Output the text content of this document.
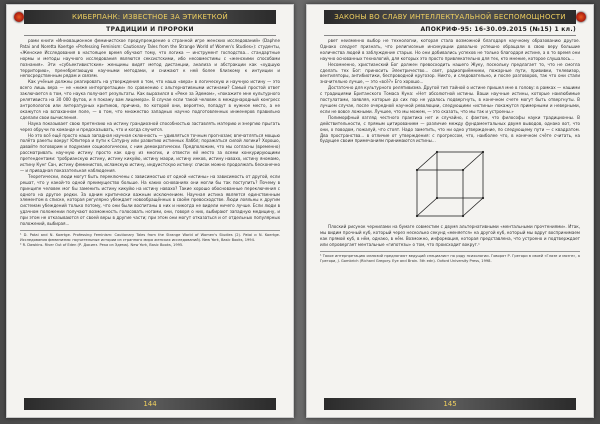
КИБЕРПАНК: ИЗВЕСТНОЕ ЗА ЭТИКЕТКОЙ
ТРАДИЦИИ И ПРОРОКИ

рами книги «Инновационное феминистское предупреждение о странной игре женских исследований» (Daphne Patai and Noretta Koertge «Professing Feminism: Cautionary Tales from the Strange World of Women's Studies»): студенты, «Женские Исследования в настоящее время обучают тому, что логика — инструмент господства... стандартные нормы и методы научного исследования являются сексистскими, ибо несовместимы с «женскими способами познания». Эти «субъективистские» женщины видят метод дистанции, анализа и абстракции как «худшую территорию», пренебрегающую научными методами, и снижают к ней более близкому к интуиции и непосредственным рядам и связям.

Как учёные должны реагировать на утверждения о том, что наша «вера» в логическую и научную истину — это всего лишь вера — не «ниже интерпретации» по сравнению с альтернативными истинами? Самый простой ответ заключается в том, что наука получает результаты. Как выразился в «Реке за Эдемом», «покажите мне культурного релятивиста на 30 000 футов, и я покажу вам лицемера». В случае если такой человек в международный конгресс антропологов или литературных критиков, причина, по которой они, вероятно, попадут в нужное место, а не окажутся на вспаханном поле, — в том, что множество западных научно подготовленных инженеров правильно сделали свои вычисления.

Наука показывает свою претензию на истину грандиозной способностью заставлять материю и энергию прыгать через обручи по команде и предсказывать, что и когда случится.

Но это всё ещё просто наша западная научная склонность — удивляться точным прогнозам; впечатляться мощью полёта ракеты вокруг Юпитера и пути к Сатурну или развитию истинных Хаббл; поражаться силой логики? Хорошо, давайте поговорим и подумаем социологически, с ним демократически. Предположим, что мы согласны (временно) рассматривать научную истину просто как одну из многих, и отвести ей место за всеми конкурирующими претендентами: тробрианскую истину, истину кикуйю, истину маори, истину инков, истину навахо, истину яномамо, истину Кунг Сан, истину феминистов, исламскую истину, индуистскую истину: список можно продолжать бесконечно — и привадная показательная наблюдения.

Теоретически, люди могут быть переключены с зависимостью от одной «истины» на зависимость от другой, если решат, что у какой-то одной преимущество больше. На каких основаниях они могли бы так поступить? Почему в принципе человек мог бы заменить истину кикуйю на истину навахо? Такие хорошо обоснованные переключения с одного на другое редки. За одним критически важным исключением. Научная истина является единственным элементом в списке, которая регулярно убеждает новообращённых в своём превосходстве. Люди лояльны к другим системам убеждений только потому, что они были воспитаны в них и никогда не видели ничего лучше. Если люди в удачном положении получают возможность голосовать ногами, они, говоря о них, выбирают западную медицину, и при этом не отказываются от своей веры в другие части; при этом они могут отказаться и от отдельных популярных положений, выбирая...

¹ D. Patai and N. Koertge. Professing Feminism: Cautionary Tales from the Strange World of Women's Studies (2). Patai и N. Koertge. Исследования феминизма: поучительные истории из странного мира женских исследований). New York, Basic Books, 1994.

² R. Dawkins. River Out of Eden (Р. Докинз. Река из Эдема). New York, Basic Books, 1995.

144
ЗАКОНЫ ВО СЛАВУ ИНТЕЛЛЕКТУАЛЬНОЙ БЕСПОМОЩНОСТИ
АПОКРИФ-95: 16-30.09.2015 (№15) 1 кл.)

рвет неизменно выбор не технологии, которая стала возможной благодаря научному образованию другое. Однако следует признать, что религиозные инсинуации довольно успешно обращали в свою веру большие количества людей в заблуждение старых. Но они добивались успехов не только благодаря истине, а в то время они научно основанных технологий, для которых это просто привлекательно для тех, кто мнение, которое слушалось...

Несомненно, христианский Бог должен превосходить нашего Жуку, поскольку предлагает то, что не смогла сделать тех Бог: приносить Электричество... свет, радиоприёмники, пожарные пути, прививки, телевизор, вентиляторы, антибиотики, беспроводной кругозор. Никто, и следовательно, и после разговоров, так что они стали значительно лучше, — это «всё?» Его хорошо...

Достаточно для культурного релятивизма. Другой тип тайной о истине пришел мне в голову: в рамках — нашими с традициями Британского Томаса Куна: «Нет абсолютной истины. Ваши научные истины, которые наилюбимые постулатами, заявляя, которые до сих пор не удалось подвергнуть, в конечном счете могут быть отвергнуты. В лучшем случае, после очередной научной революции, следующими «истины» покажутся примерными и неверными, если не вовсе ложными. Лучшее, что мы можем, — это сказать, что мы так и устроены.»

Полиморфный взгляд честного практика нет и случайно, с фактом, что философы науки традиционны. В действительности, с прямым цитированием — различие между фундаментальных двумя выводов, однако вот, что они, о поводом, пожалуй, что стоят. Надо заметить, что ни одно утверждение, по следующему пути — с квадратом. Два пространства... в отличие от утверждения: с прогрессом, что, наиболее что, в конечном счёте считать, на будущее своим примечаниям принимаются истины...

Плоский рисунок чернилами на бумаге совместим с двумя альтернативными «ментальными прочтениями». Итак, мы видим прочный куб, который через несколько секунд «меняется» на другой куб, который мы вдруг воспринимаем как прямой куб, в нём, однако, в нём. Возможно, информация, которая представлена, что устроено и подтверждает или опровергает ментальные «гипотезы» о том, что происходит вокруг.¹

¹ Такое интерпретацию иллюзий предлагают ведущий специалист по ряду психологии. Говорят Р. Грегори в своей «Глазе и мозге», а Грегори, J. Gombrich (Richard Gregory. Eye and Brain. 5th edn). Oxford University Press, 1998.

145
